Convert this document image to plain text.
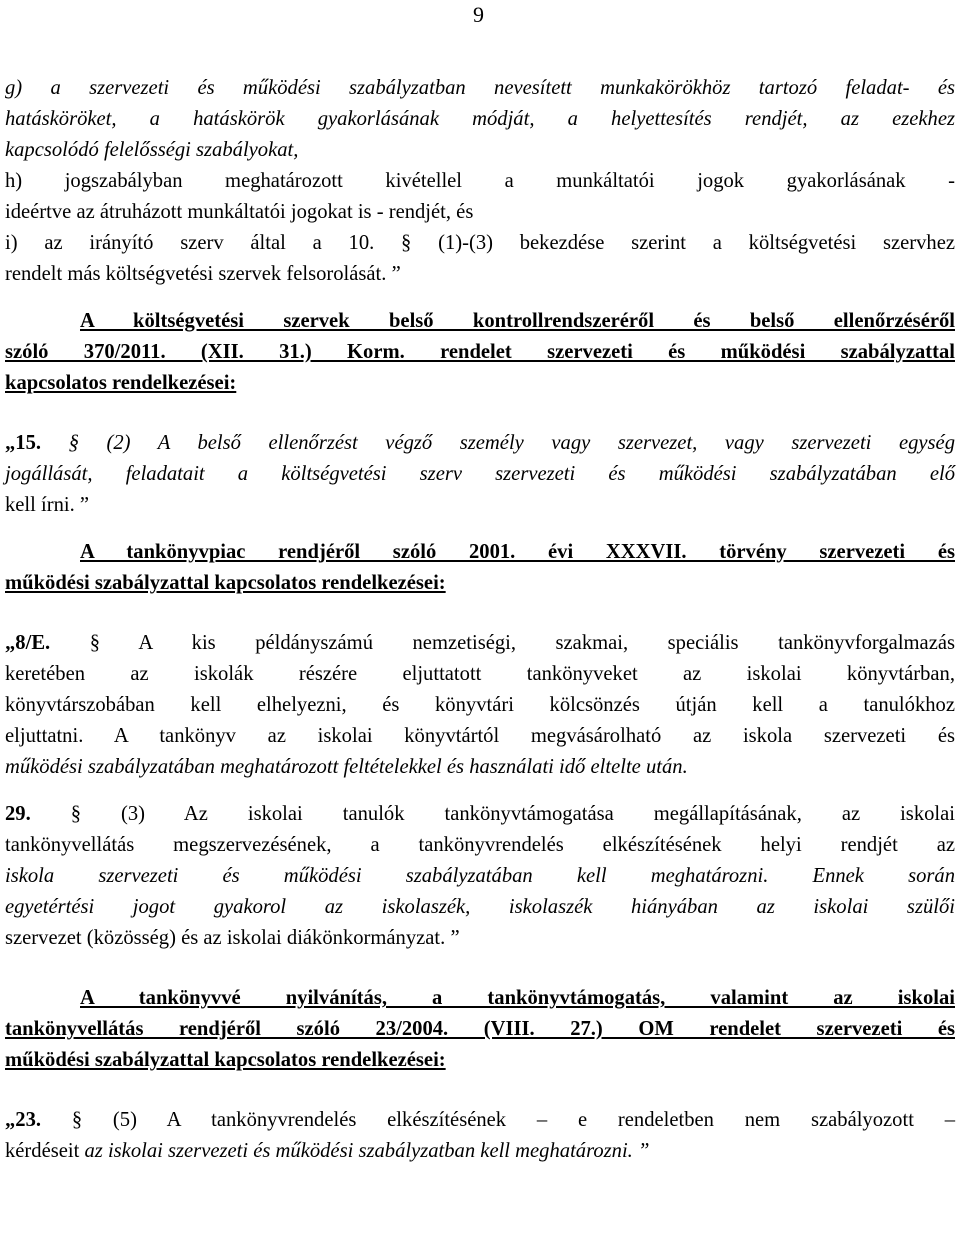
9

g) a szervezeti és működési szabályzatban nevesített munkakörökhöz tartozó feladat- és

hatásköröket, a hatáskörök gyakorlásának módját, a helyettesítés rendjét, az ezekhez

kapcsolódó felelősségi szabályokat,

h) jogszabályban meghatározott kivétellel a munkáltatói jogok gyakorlásának -

ideértve az átruházott munkáltatói jogokat is - rendjét, és

i) az irányító szerv által a 10. § (1)-(3) bekezdése szerint a költségvetési szervhez

rendelt más költségvetési szervek felsorolását. ”

A költségvetési szervek belső kontrollrendszeréről és belső ellenőrzéséről

szóló 370/2011. (XII. 31.) Korm. rendelet szervezeti és működési szabályzattal

kapcsolatos rendelkezései:

„15. § (2) A belső ellenőrzést végző személy vagy szervezet, vagy szervezeti egység

jogállását, feladatait a költségvetési szerv szervezeti és működési szabályzatában elő

kell írni. ”

A tankönyvpiac rendjéről szóló 2001. évi XXXVII. törvény szervezeti és

működési szabályzattal kapcsolatos rendelkezései:

„8/E. § A kis példányszámú nemzetiségi, szakmai, speciális tankönyvforgalmazás

keretében az iskolák részére eljuttatott tankönyveket az iskolai könyvtárban,

könyvtárszobában kell elhelyezni, és könyvtári kölcsönzés útján kell a tanulókhoz

eljuttatni. A tankönyv az iskolai könyvtártól megvásárolható az iskola szervezeti és

működési szabályzatában meghatározott feltételekkel és használati idő eltelte után.

29. § (3) Az iskolai tanulók tankönyvtámogatása megállapításának, az iskolai

tankönyvellátás megszervezésének, a tankönyvrendelés elkészítésének helyi rendjét az

iskola szervezeti és működési szabályzatában kell meghatározni. Ennek során

egyetértési jogot gyakorol az iskolaszék, iskolaszék hiányában az iskolai szülői

szervezet (közösség) és az iskolai diákönkormányzat. ”

A tankönyvvé nyilvánítás, a tankönyvtámogatás, valamint az iskolai

tankönyvellátás rendjéről szóló 23/2004. (VIII. 27.) OM rendelet szervezeti és

működési szabályzattal kapcsolatos rendelkezései:

„23. § (5) A tankönyvrendelés elkészítésének – e rendeletben nem szabályozott –

kérdéseit az iskolai szervezeti és működési szabályzatban kell meghatározni. ”
